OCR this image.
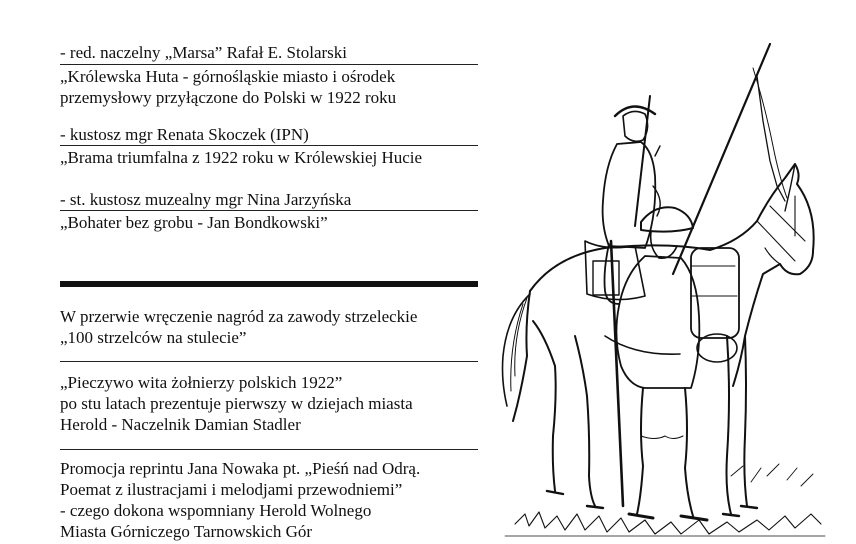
- red. naczelny „Marsa” Rafał E. Stolarski
„Królewska Huta - górnośląskie miasto i ośrodek
przemysłowy przyłączone do Polski w 1922 roku
- kustosz mgr Renata Skoczek (IPN)
„Brama triumfalna z 1922 roku w Królewskiej Hucie
- st. kustosz muzealny mgr Nina Jarzyńska
„Bohater bez grobu - Jan Bondkowski”
W przerwie wręczenie nagród za zawody strzeleckie
„100 strzelców na stulecie”
„Pieczywo wita żołnierzy polskich 1922”
po stu latach prezentuje pierwszy w dziejach miasta
Herold - Naczelnik Damian Stadler
Promocja reprintu Jana Nowaka pt. „Pieśń nad Odrą.
Poemat z ilustracjami i melodjami przewodniemi”
- czego dokona wspomniany Herold Wolnego
Miasta Górniczego Tarnowskich Gór
